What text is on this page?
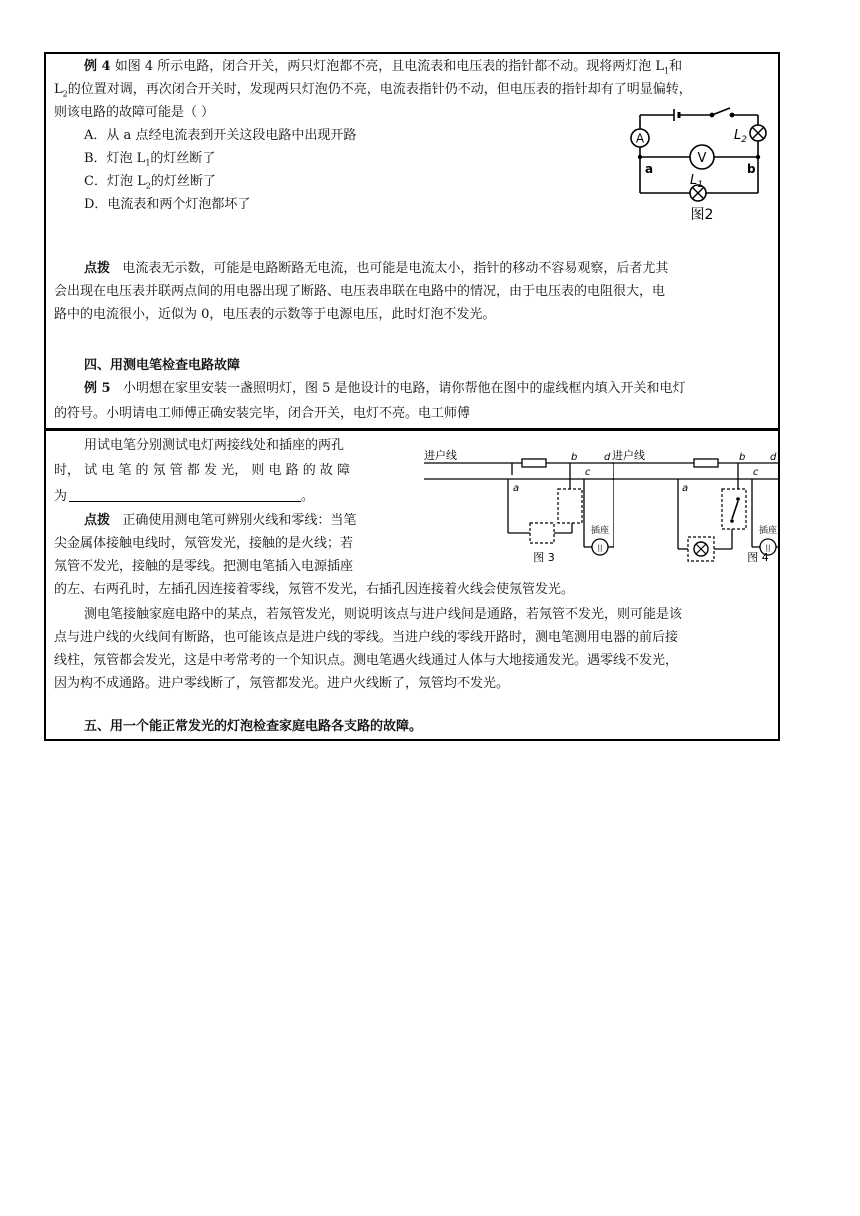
例 4 如图 4 所示电路，闭合开关，两只灯泡都不亮，且电流表和电压表的指针都不动。现将两灯泡 $L_1$和
$L_2$的位置对调，再次闭合开关时，发现两只灯泡仍不亮，电流表指针仍不动，但电压表的指针却有了明显偏转，
则该电路的故障可能是（ ）
A．从 a 点经电流表到开关这段电路中出现开路
B．灯泡 $L_1$的灯丝断了
C．灯泡 $L_2$的灯丝断了
D．电流表和两个灯泡都坏了
A
V
$L_2$
$L_1$
a	b
图2
点拨 电流表无示数，可能是电路断路无电流，也可能是电流太小，指针的移动不容易观察，后者尤其
会出现在电压表并联两点间的用电器出现了断路、电压表串联在电路中的情况，由于电压表的电阻很大，电
路中的电流很小，近似为 0，电压表的示数等于电源电压，此时灯泡不发光。
四、用测电笔检查电路故障
例 5 小明想在家里安装一盏照明灯，图 5 是他设计的电路，请你帮他在图中的虚线框内填入开关和电灯
的符号。小明请电工师傅正确安装完毕，闭合开关，电灯不亮。电工师傅
用试电笔分别测试电灯两接线处和插座的两孔
时， 试 电 笔 的 氖 管 都 发 光， 则 电 路 的 故 障
为	。
点拨 正确使用测电笔可辨别火线和零线：当笔
尖金属体接触电线时，氖管发光，接触的是火线；若
氖管不发光，接触的是零线。把测电笔插入电源插座
的左、右两孔时，左插孔因连接着零线，氖管不发光，右插孔因连接着火线会使氖管发光。
||
进户线
a
b
c
d
插座
图 3
||
进户线
a
b
c
d
插座
图 4
测电笔接触家庭电路中的某点，若氖管发光，则说明该点与进户线间是通路，若氖管不发光，则可能是该
点与进户线的火线间有断路，也可能该点是进户线的零线。当进户线的零线开路时，测电笔测用电器的前后接
线柱，氖管都会发光，这是中考常考的一个知识点。测电笔遇火线通过人体与大地接通发光。遇零线不发光，
因为构不成通路。进户零线断了，氖管都发光。进户火线断了，氖管均不发光。
五、用一个能正常发光的灯泡检查家庭电路各支路的故障。
